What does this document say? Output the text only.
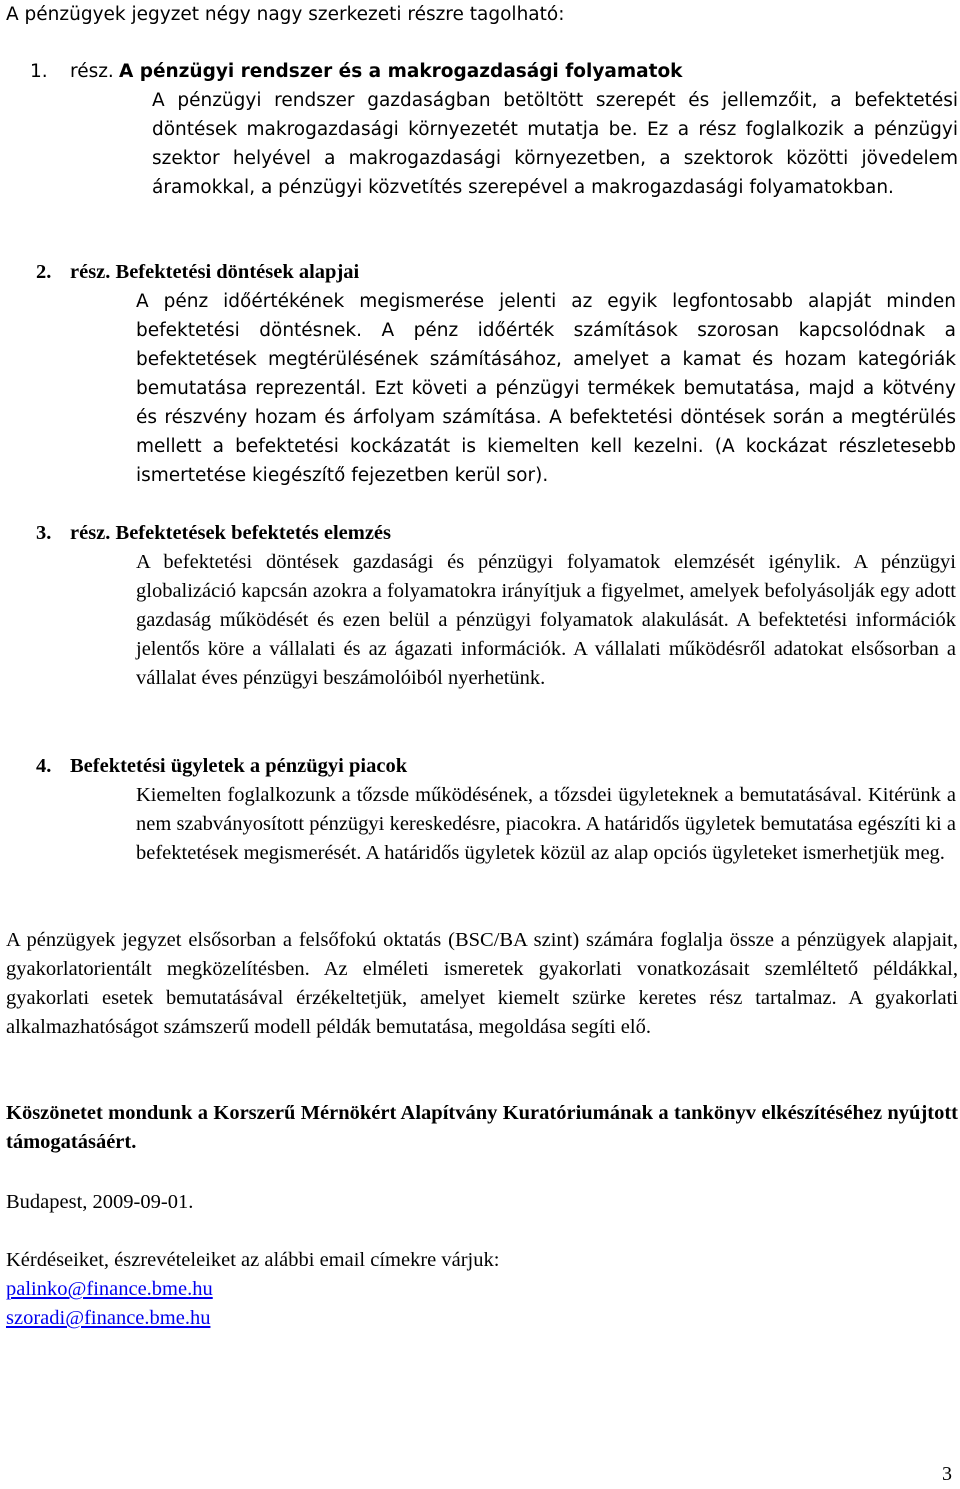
A pénzügyek jegyzet négy nagy szerkezeti részre tagolható:
1. rész. A pénzügyi rendszer és a makrogazdasági folyamatok
A pénzügyi rendszer gazdaságban betöltött szerepét és jellemzőit, a befektetési döntések makrogazdasági környezetét mutatja be. Ez a rész foglalkozik a pénzügyi szektor helyével a makrogazdasági környezetben, a szektorok közötti jövedelem áramokkal, a pénzügyi közvetítés szerepével a makrogazdasági folyamatokban.
2. rész. Befektetési döntések alapjai
A pénz időértékének megismerése jelenti az egyik legfontosabb alapját minden befektetési döntésnek. A pénz időérték számítások szorosan kapcsolódnak a befektetések megtérülésének számításához, amelyet a kamat és hozam kategóriák bemutatása reprezentál. Ezt követi a pénzügyi termékek bemutatása, majd a kötvény és részvény hozam és árfolyam számítása. A befektetési döntések során a megtérülés mellett a befektetési kockázatát is kiemelten kell kezelni. (A kockázat részletesebb ismertetése kiegészítő fejezetben kerül sor).
3. rész. Befektetések befektetés elemzés
A befektetési döntések gazdasági és pénzügyi folyamatok elemzését igénylik. A pénzügyi globalizáció kapcsán azokra a folyamatokra irányítjuk a figyelmet, amelyek befolyásolják egy adott gazdaság működését és ezen belül a pénzügyi folyamatok alakulását. A befektetési információk jelentős köre a vállalati és az ágazati információk. A vállalati működésről adatokat elsősorban a vállalat éves pénzügyi beszámolóiból nyerhetünk.
4. Befektetési ügyletek a pénzügyi piacok
Kiemelten foglalkozunk a tőzsde működésének, a tőzsdei ügyleteknek a bemutatásával. Kitérünk a nem szabványosított pénzügyi kereskedésre, piacokra. A határidős ügyletek bemutatása egészíti ki a befektetések megismerését. A határidős ügyletek közül az alap opciós ügyleteket ismerhetjük meg.
A pénzügyek jegyzet elsősorban a felsőfokú oktatás (BSC/BA szint) számára foglalja össze a pénzügyek alapjait, gyakorlatorientált megközelítésben. Az elméleti ismeretek gyakorlati vonatkozásait szemléltető példákkal, gyakorlati esetek bemutatásával érzékeltetjük, amelyet kiemelt szürke keretes rész tartalmaz. A gyakorlati alkalmazhatóságot számszerű modell példák bemutatása, megoldása segíti elő.
Köszönetet mondunk a Korszerű Mérnökért Alapítvány Kuratóriumának a tankönyv elkészítéséhez nyújtott támogatásáért.
Budapest, 2009-09-01.
Kérdéseiket, észrevételeiket az alábbi email címekre várjuk:
palinko@finance.bme.hu
szoradi@finance.bme.hu
3
